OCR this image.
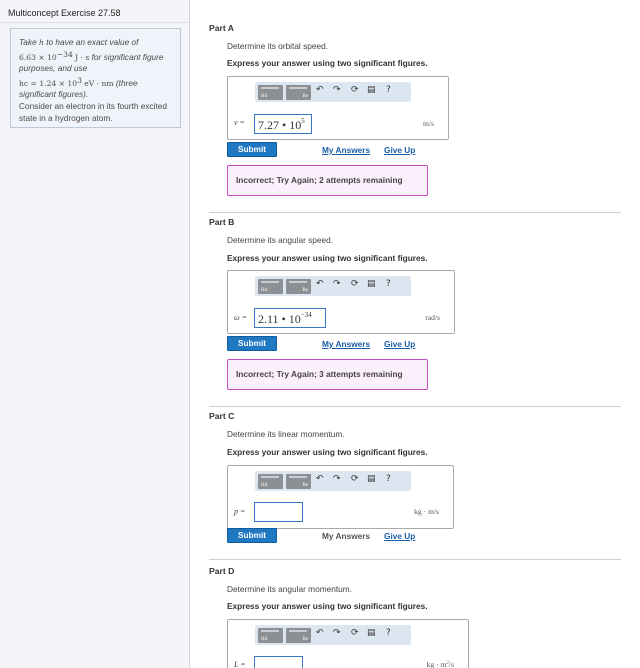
Multiconcept Exercise 27.58
Take h to have an exact value of
$6.63 \times 10^{-34}$ J · s for significant figure purposes, and use
hc = $1.24 \times 10^3$ eV · nm (three significant figures).
Consider an electron in its fourth excited state in a hydrogen atom.
Part A
Determine its orbital speed.
Express your answer using two significant figures.
Hd	Re
↶ ↷ ⟳ ▤ ?
v =	7.27 • $10^5$	m/s
Submit	My Answers Give Up
Incorrect; Try Again; 2 attempts remaining
Part B
Determine its angular speed.
Express your answer using two significant figures.
Hd	Re
↶ ↷ ⟳ ▤ ?
ω = 2.11 • $10^{-34}$	rad/s
Submit	My Answers Give Up
Incorrect; Try Again; 3 attempts remaining
Part C
Determine its linear momentum.
Express your answer using two significant figures.
Hd	Re
↶ ↷ ⟳ ▤ ?
p =	kg · m/s
Submit	My Answers Give Up
Part D
Determine its angular momentum.
Express your answer using two significant figures.
Hd	Re
↶ ↷ ⟳ ▤ ?
L =	kg · $m^2/s$
